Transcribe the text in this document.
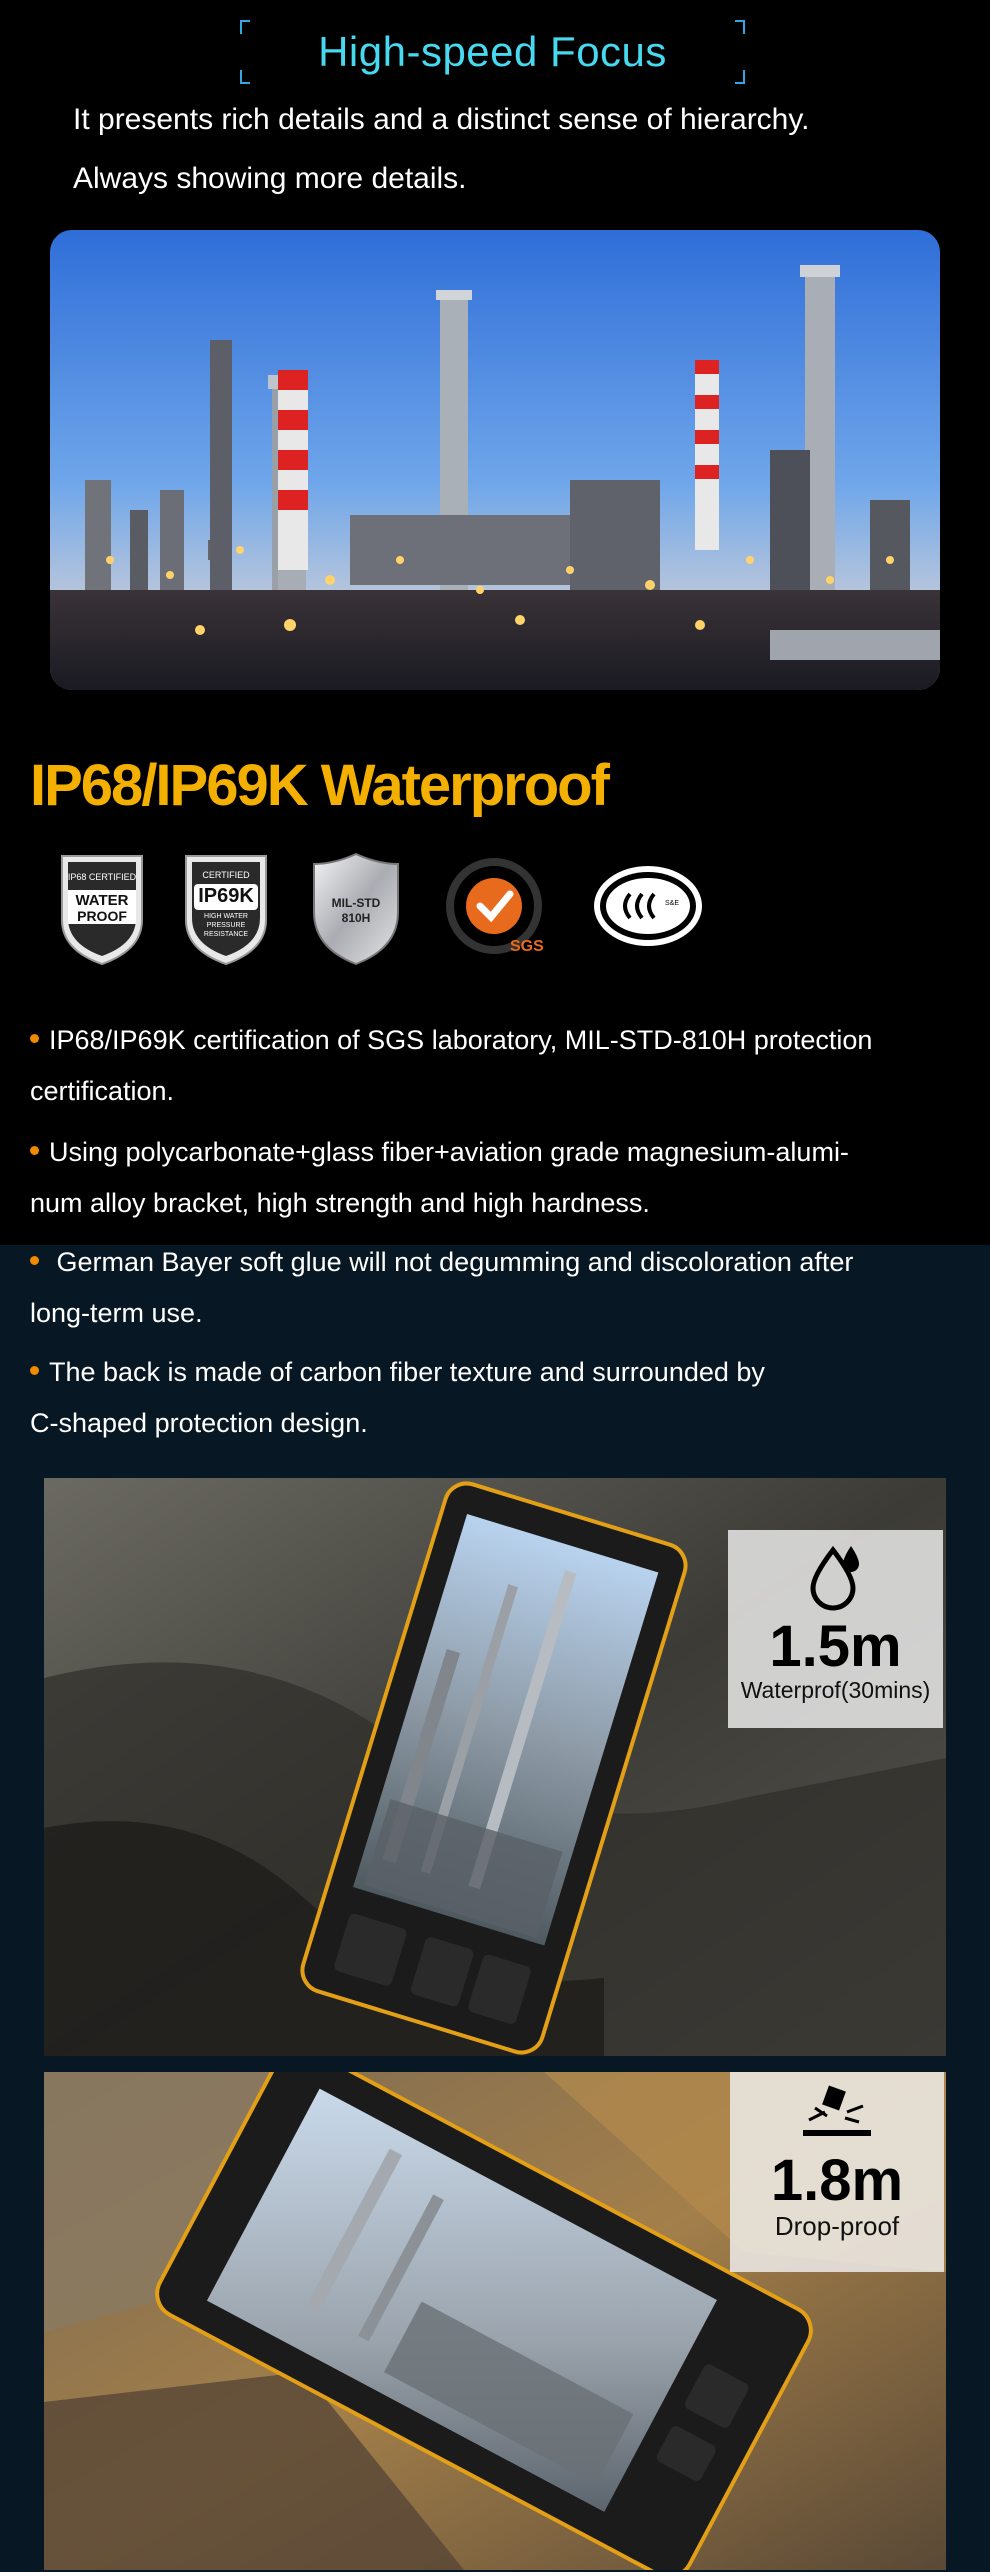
High-speed Focus
It presents rich details and a distinct sense of hierarchy.
Always showing more details.
IP68/IP69K Waterproof
IP68 CERTIFIED
WATER
PROOF
CERTIFIED
IP69K
HIGH WATER
PRESSURE
RESISTANCE
MIL-STD
810H
SGS
S&E
IP68/IP69K certification of SGS laboratory, MIL-STD-810H protection
certification.
Using polycarbonate+glass fiber+aviation grade magnesium-alumi-
num alloy bracket, high strength and high hardness.
German Bayer soft glue will not degumming and discoloration after
long-term use.
The back is made of carbon fiber texture and surrounded by
C-shaped protection design.
1.5m
Waterprof(30mins)
1.8m
Drop-proof
